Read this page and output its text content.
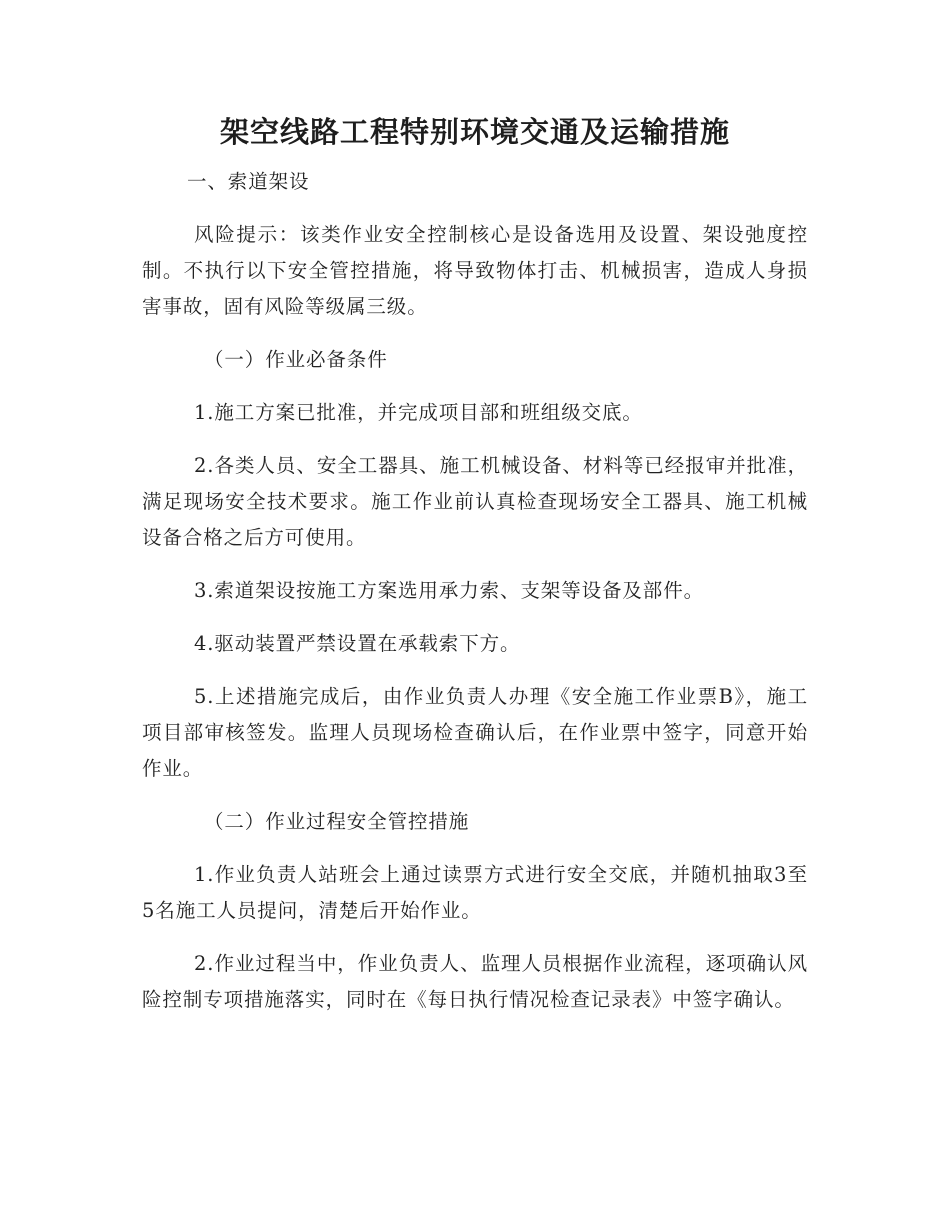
架空线路工程特别环境交通及运输措施

一、索道架设

风险提示：该类作业安全控制核心是设备选用及设置、架设弛度控制。不执行以下安全管控措施，将导致物体打击、机械损害，造成人身损害事故，固有风险等级属三级。

（一）作业必备条件

1.施工方案已批准，并完成项目部和班组级交底。

2.各类人员、安全工器具、施工机械设备、材料等已经报审并批准，满足现场安全技术要求。施工作业前认真检查现场安全工器具、施工机械设备合格之后方可使用。

3.索道架设按施工方案选用承力索、支架等设备及部件。

4.驱动装置严禁设置在承载索下方。

5.上述措施完成后，由作业负责人办理《安全施工作业票B》，施工项目部审核签发。监理人员现场检查确认后，在作业票中签字，同意开始作业。

（二）作业过程安全管控措施

1.作业负责人站班会上通过读票方式进行安全交底，并随机抽取3至5名施工人员提问，清楚后开始作业。

2.作业过程当中，作业负责人、监理人员根据作业流程，逐项确认风险控制专项措施落实，同时在《每日执行情况检查记录表》中签字确认。
